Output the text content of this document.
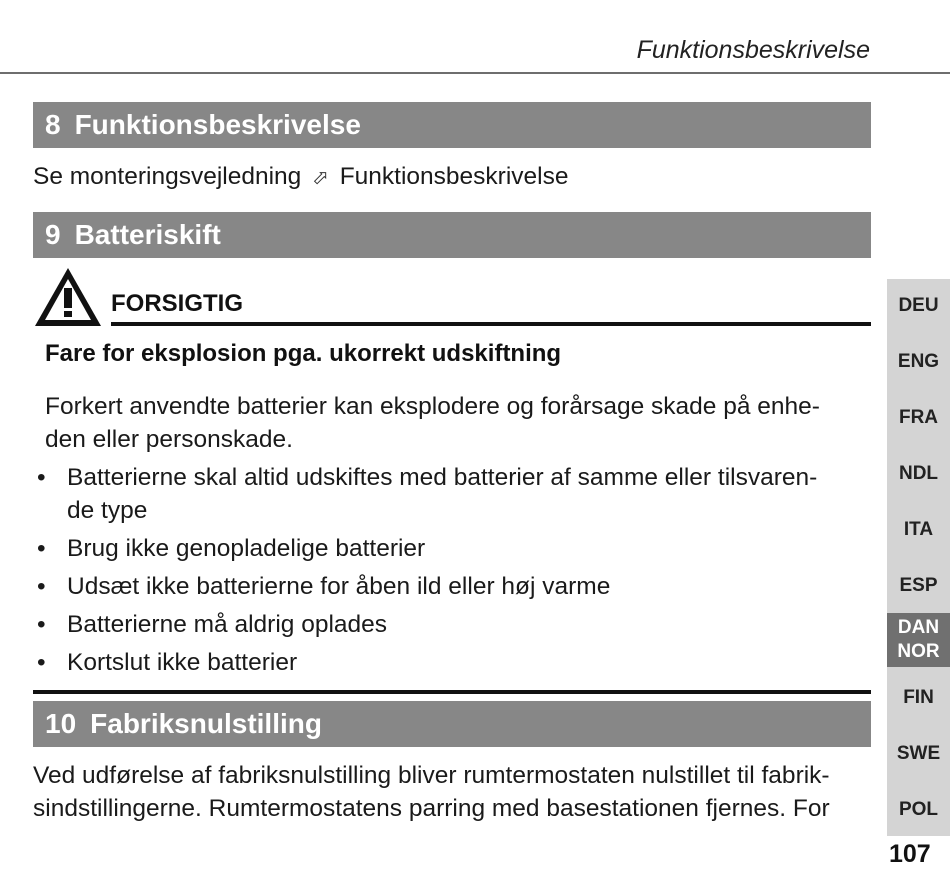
Funktionsbeskrivelse
8 Funktionsbeskrivelse
Se monteringsvejledning ⬀ Funktionsbeskrivelse
9 Batteriskift
FORSIGTIG
Fare for eksplosion pga. ukorrekt udskiftning
Forkert anvendte batterier kan eksplodere og forårsage skade på enhe-
den eller personskade.
• Batterierne skal altid udskiftes med batterier af samme eller tilsvaren-
de type
• Brug ikke genopladelige batterier
• Udsæt ikke batterierne for åben ild eller høj varme
• Batterierne må aldrig oplades
• Kortslut ikke batterier
10 Fabriksnulstilling
Ved udførelse af fabriksnulstilling bliver rumtermostaten nulstillet til fabrik-
sindstillingerne. Rumtermostatens parring med basestationen fjernes. For
DEU
ENG
FRA
NDL
ITA
ESP
DAN
NOR
FIN
SWE
POL
107
